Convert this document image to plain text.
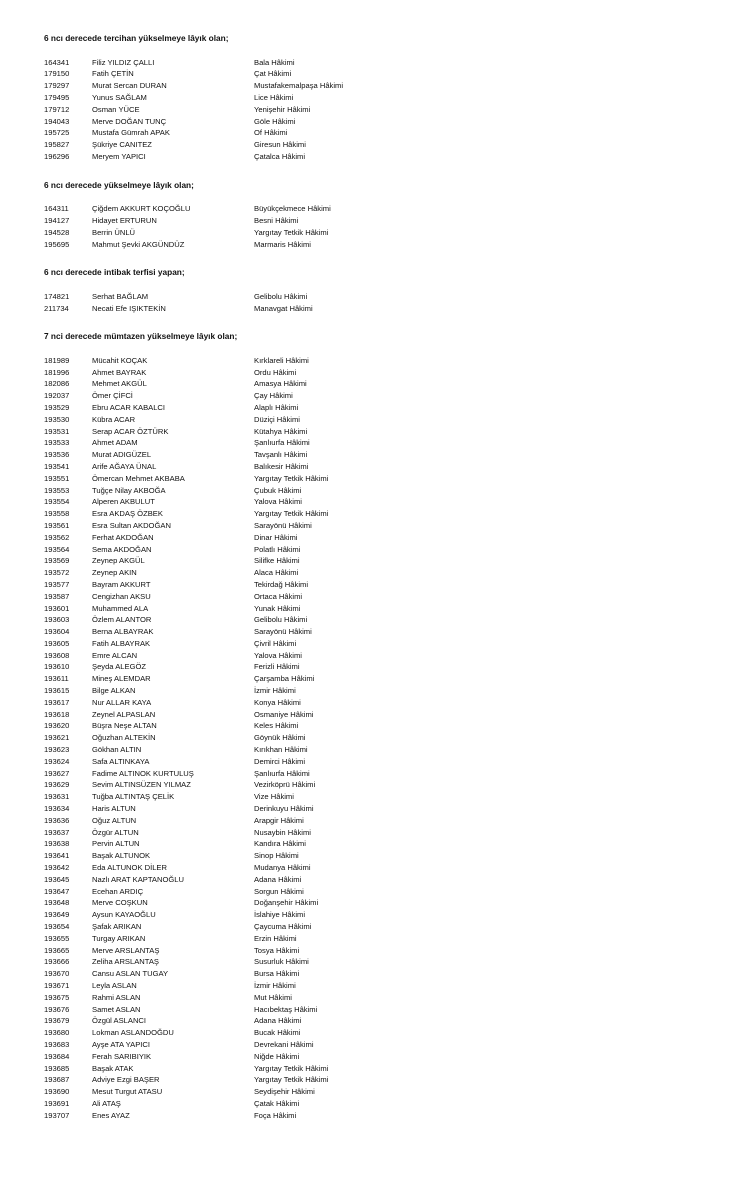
6 ncı derecede tercihan yükselmeye lâyık olan;
164341	Filiz YILDIZ ÇALLI	Bala Hâkimi
179150	Fatih ÇETİN	Çat Hâkimi
179297	Murat Sercan DURAN	Mustafakemalpaşa Hâkimi
179495	Yunus SAĞLAM	Lice Hâkimi
179712	Osman YÜCE	Yenişehir Hâkimi
194043	Merve DOĞAN TUNÇ	Göle Hâkimi
195725	Mustafa Gümrah APAK	Of Hâkimi
195827	Şükriye CANITEZ	Giresun Hâkimi
196296	Meryem YAPICI	Çatalca Hâkimi
6 ncı derecede yükselmeye lâyık olan;
164311	Çiğdem AKKURT KOÇOĞLU	Büyükçekmece Hâkimi
194127	Hidayet ERTURUN	Besni Hâkimi
194528	Berrin ÜNLÜ	Yargıtay Tetkik Hâkimi
195695	Mahmut Şevki AKGÜNDÜZ	Marmaris Hâkimi
6 ncı derecede intibak terfisi yapan;
174821	Serhat BAĞLAM	Gelibolu Hâkimi
211734	Necati Efe IŞIKTEKİN	Manavgat Hâkimi
7 nci derecede mümtazen yükselmeye lâyık olan;
181989	Mücahit KOÇAK	Kırklareli Hâkimi
181996	Ahmet BAYRAK	Ordu Hâkimi
182086	Mehmet AKGÜL	Amasya Hâkimi
192037	Ömer ÇİFCİ	Çay Hâkimi
193529	Ebru ACAR KABALCI	Alaplı Hâkimi
193530	Kübra ACAR	Düziçi Hâkimi
193531	Serap ACAR ÖZTÜRK	Kütahya Hâkimi
193533	Ahmet ADAM	Şanlıurfa Hâkimi
193536	Murat ADIGÜZEL	Tavşanlı Hâkimi
193541	Arife AĞAYA ÜNAL	Balıkesir Hâkimi
193551	Ömercan Mehmet AKBABA	Yargıtay Tetkik Hâkimi
193553	Tuğçe Nilay AKBOĞA	Çubuk Hâkimi
193554	Alperen AKBULUT	Yalova Hâkimi
193558	Esra AKDAŞ ÖZBEK	Yargıtay Tetkik Hâkimi
193561	Esra Sultan AKDOĞAN	Sarayönü Hâkimi
193562	Ferhat AKDOĞAN	Dinar Hâkimi
193564	Sema AKDOĞAN	Polatlı Hâkimi
193569	Zeynep AKGÜL	Silifke Hâkimi
193572	Zeynep AKIN	Alaca Hâkimi
193577	Bayram AKKURT	Tekirdağ Hâkimi
193587	Cengizhan AKSU	Ortaca Hâkimi
193601	Muhammed ALA	Yunak Hâkimi
193603	Özlem ALANTOR	Gelibolu Hâkimi
193604	Berna ALBAYRAK	Sarayönü Hâkimi
193605	Fatih ALBAYRAK	Çivril Hâkimi
193608	Emre ALCAN	Yalova Hâkimi
193610	Şeyda ALEGÖZ	Ferizli Hâkimi
193611	Mineş ALEMDAR	Çarşamba Hâkimi
193615	Bilge ALKAN	İzmir Hâkimi
193617	Nur ALLAR KAYA	Konya Hâkimi
193618	Zeynel ALPASLAN	Osmaniye Hâkimi
193620	Büşra Neşe ALTAN	Keles Hâkimi
193621	Oğuzhan ALTEKİN	Göynük Hâkimi
193623	Gökhan ALTIN	Kırıkhan Hâkimi
193624	Safa ALTINKAYA	Demirci Hâkimi
193627	Fadime ALTINOK KURTULUŞ	Şanlıurfa Hâkimi
193629	Sevim ALTINSÜZEN YILMAZ	Vezirköprü Hâkimi
193631	Tuğba ALTINTAŞ ÇELİK	Vize Hâkimi
193634	Haris ALTUN	Derinkuyu Hâkimi
193636	Oğuz ALTUN	Arapgir Hâkimi
193637	Özgür ALTUN	Nusaybin Hâkimi
193638	Pervin ALTUN	Kandıra Hâkimi
193641	Başak ALTUNOK	Sinop Hâkimi
193642	Eda ALTUNOK DİLER	Mudanya Hâkimi
193645	Nazlı ARAT KAPTANOĞLU	Adana Hâkimi
193647	Ecehan ARDIÇ	Sorgun Hâkimi
193648	Merve COŞKUN	Doğanşehir Hâkimi
193649	Aysun KAYAOĞLU	İslahiye Hâkimi
193654	Şafak ARIKAN	Çaycuma Hâkimi
193655	Turgay ARIKAN	Erzin Hâkimi
193665	Merve ARSLANTAŞ	Tosya Hâkimi
193666	Zeliha ARSLANTAŞ	Susurluk Hâkimi
193670	Cansu ASLAN TUGAY	Bursa Hâkimi
193671	Leyla ASLAN	İzmir Hâkimi
193675	Rahmi ASLAN	Mut Hâkimi
193676	Samet ASLAN	Hacıbektaş Hâkimi
193679	Özgül ASLANCI	Adana Hâkimi
193680	Lokman ASLANDOĞDU	Bucak Hâkimi
193683	Ayşe ATA YAPICI	Devrekani Hâkimi
193684	Ferah SARIBIYIK	Niğde Hâkimi
193685	Başak ATAK	Yargıtay Tetkik Hâkimi
193687	Adviye Ezgi BAŞER	Yargıtay Tetkik Hâkimi
193690	Mesut Turgut ATASU	Seydişehir Hâkimi
193691	Ali ATAŞ	Çatak Hâkimi
193707	Enes AYAZ	Foça Hâkimi
